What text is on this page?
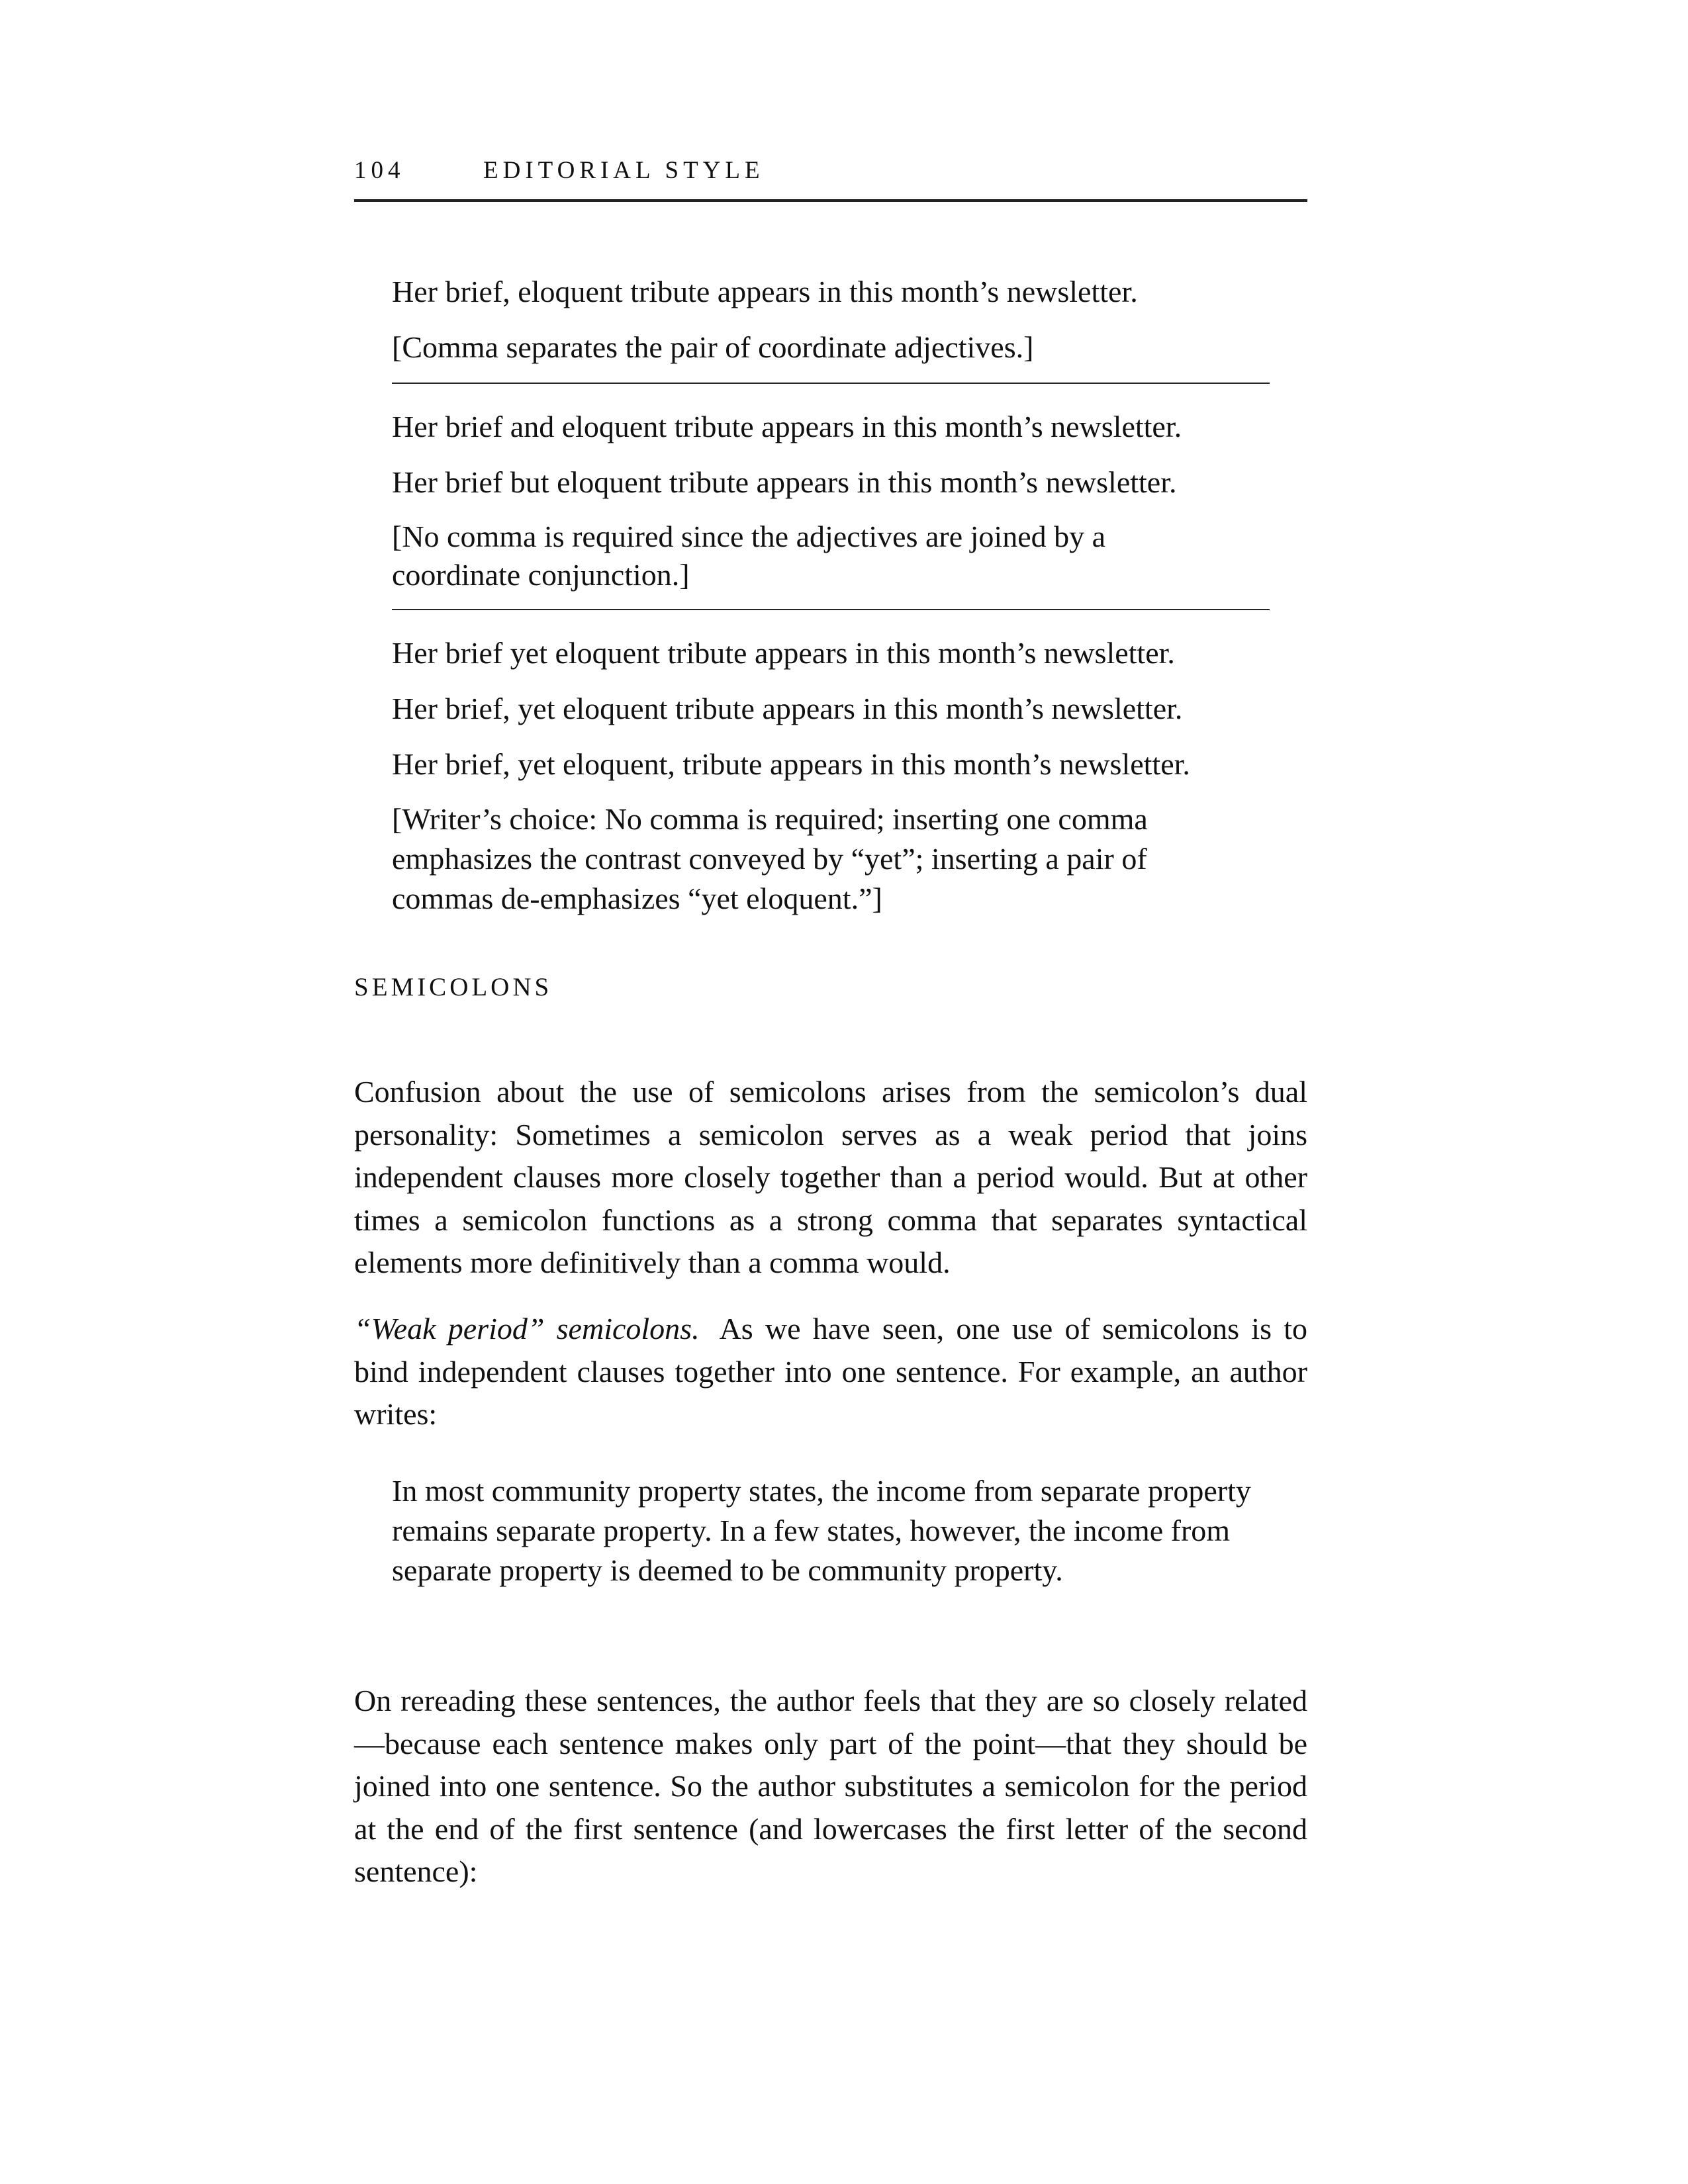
104	EDITORIAL STYLE

Her brief, eloquent tribute appears in this month’s newsletter.

[Comma separates the pair of coordinate adjectives.]

Her brief and eloquent tribute appears in this month’s newsletter.

Her brief but eloquent tribute appears in this month’s newsletter.

[No comma is required since the adjectives are joined by a coordinate conjunction.]

Her brief yet eloquent tribute appears in this month’s newsletter.

Her brief, yet eloquent tribute appears in this month’s newsletter.

Her brief, yet eloquent, tribute appears in this month’s newsletter.

[Writer’s choice: No comma is required; inserting one comma emphasizes the contrast conveyed by “yet”; inserting a pair of commas de-emphasizes “yet eloquent.”]

SEMICOLONS

Confusion about the use of semicolons arises from the semicolon’s dual personality: Sometimes a semicolon serves as a weak period that joins independent clauses more closely together than a period would. But at other times a semicolon functions as a strong comma that separates syntactical elements more definitively than a comma would.

“Weak period” semicolons. As we have seen, one use of semicolons is to bind independent clauses together into one sentence. For example, an author writes:

In most community property states, the income from separate property remains separate property. In a few states, however, the income from separate property is deemed to be community property.

On rereading these sentences, the author feels that they are so closely related—because each sentence makes only part of the point—that they should be joined into one sentence. So the author substitutes a semicolon for the period at the end of the first sentence (and lowercases the first letter of the second sentence):
